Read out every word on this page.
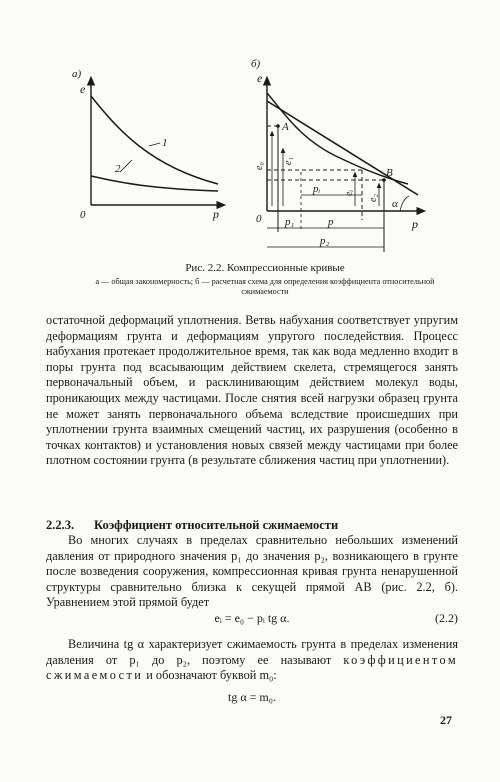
а)
e
p
0
1
2
б)
e
p
0
A
B
e₀
e₁
eᵢ
e₂
pᵢ
p₁	p
p₂
α
Рис. 2.2. Компрессионные кривые
а — общая закономерность; б — расчетная схема для определения коэффициента относительной сжимаемости

остаточной деформаций уплотнения. Ветвь набухания соответствует упругим деформациям грунта и деформациям упругого последействия. Процесс набухания протекает продолжительное время, так как вода медленно входит в поры грунта под всасывающим действием скелета, стремящегося занять первоначальный объем, и расклинивающим действием молекул воды, проникающих между частицами. После снятия всей нагрузки образец грунта не может занять первоначального объема вследствие происшедших при уплотнении грунта взаимных смещений частиц, их разрушения (особенно в точках контактов) и установления новых связей между частицами при более плотном состоянии грунта (в результате сближения частиц при уплотнении).

2.2.3. Коэффициент относительной сжимаемости

Во многих случаях в пределах сравнительно небольших изменений давления от природного значения p₁ до значения p₂, возникающего в грунте после возведения сооружения, компрессионная кривая грунта ненарушенной структуры сравнительно близка к секущей прямой AB (рис. 2.2, б). Уравнением этой прямой будет

eᵢ = e₀ − pᵢ tg α.	(2.2)

Величина tg α характеризует сжимаемость грунта в пределах изменения давления от p₁ до p₂, поэтому ее называют коэффициентом сжимаемости и обозначают буквой m₀:

tg α = m₀.
27
